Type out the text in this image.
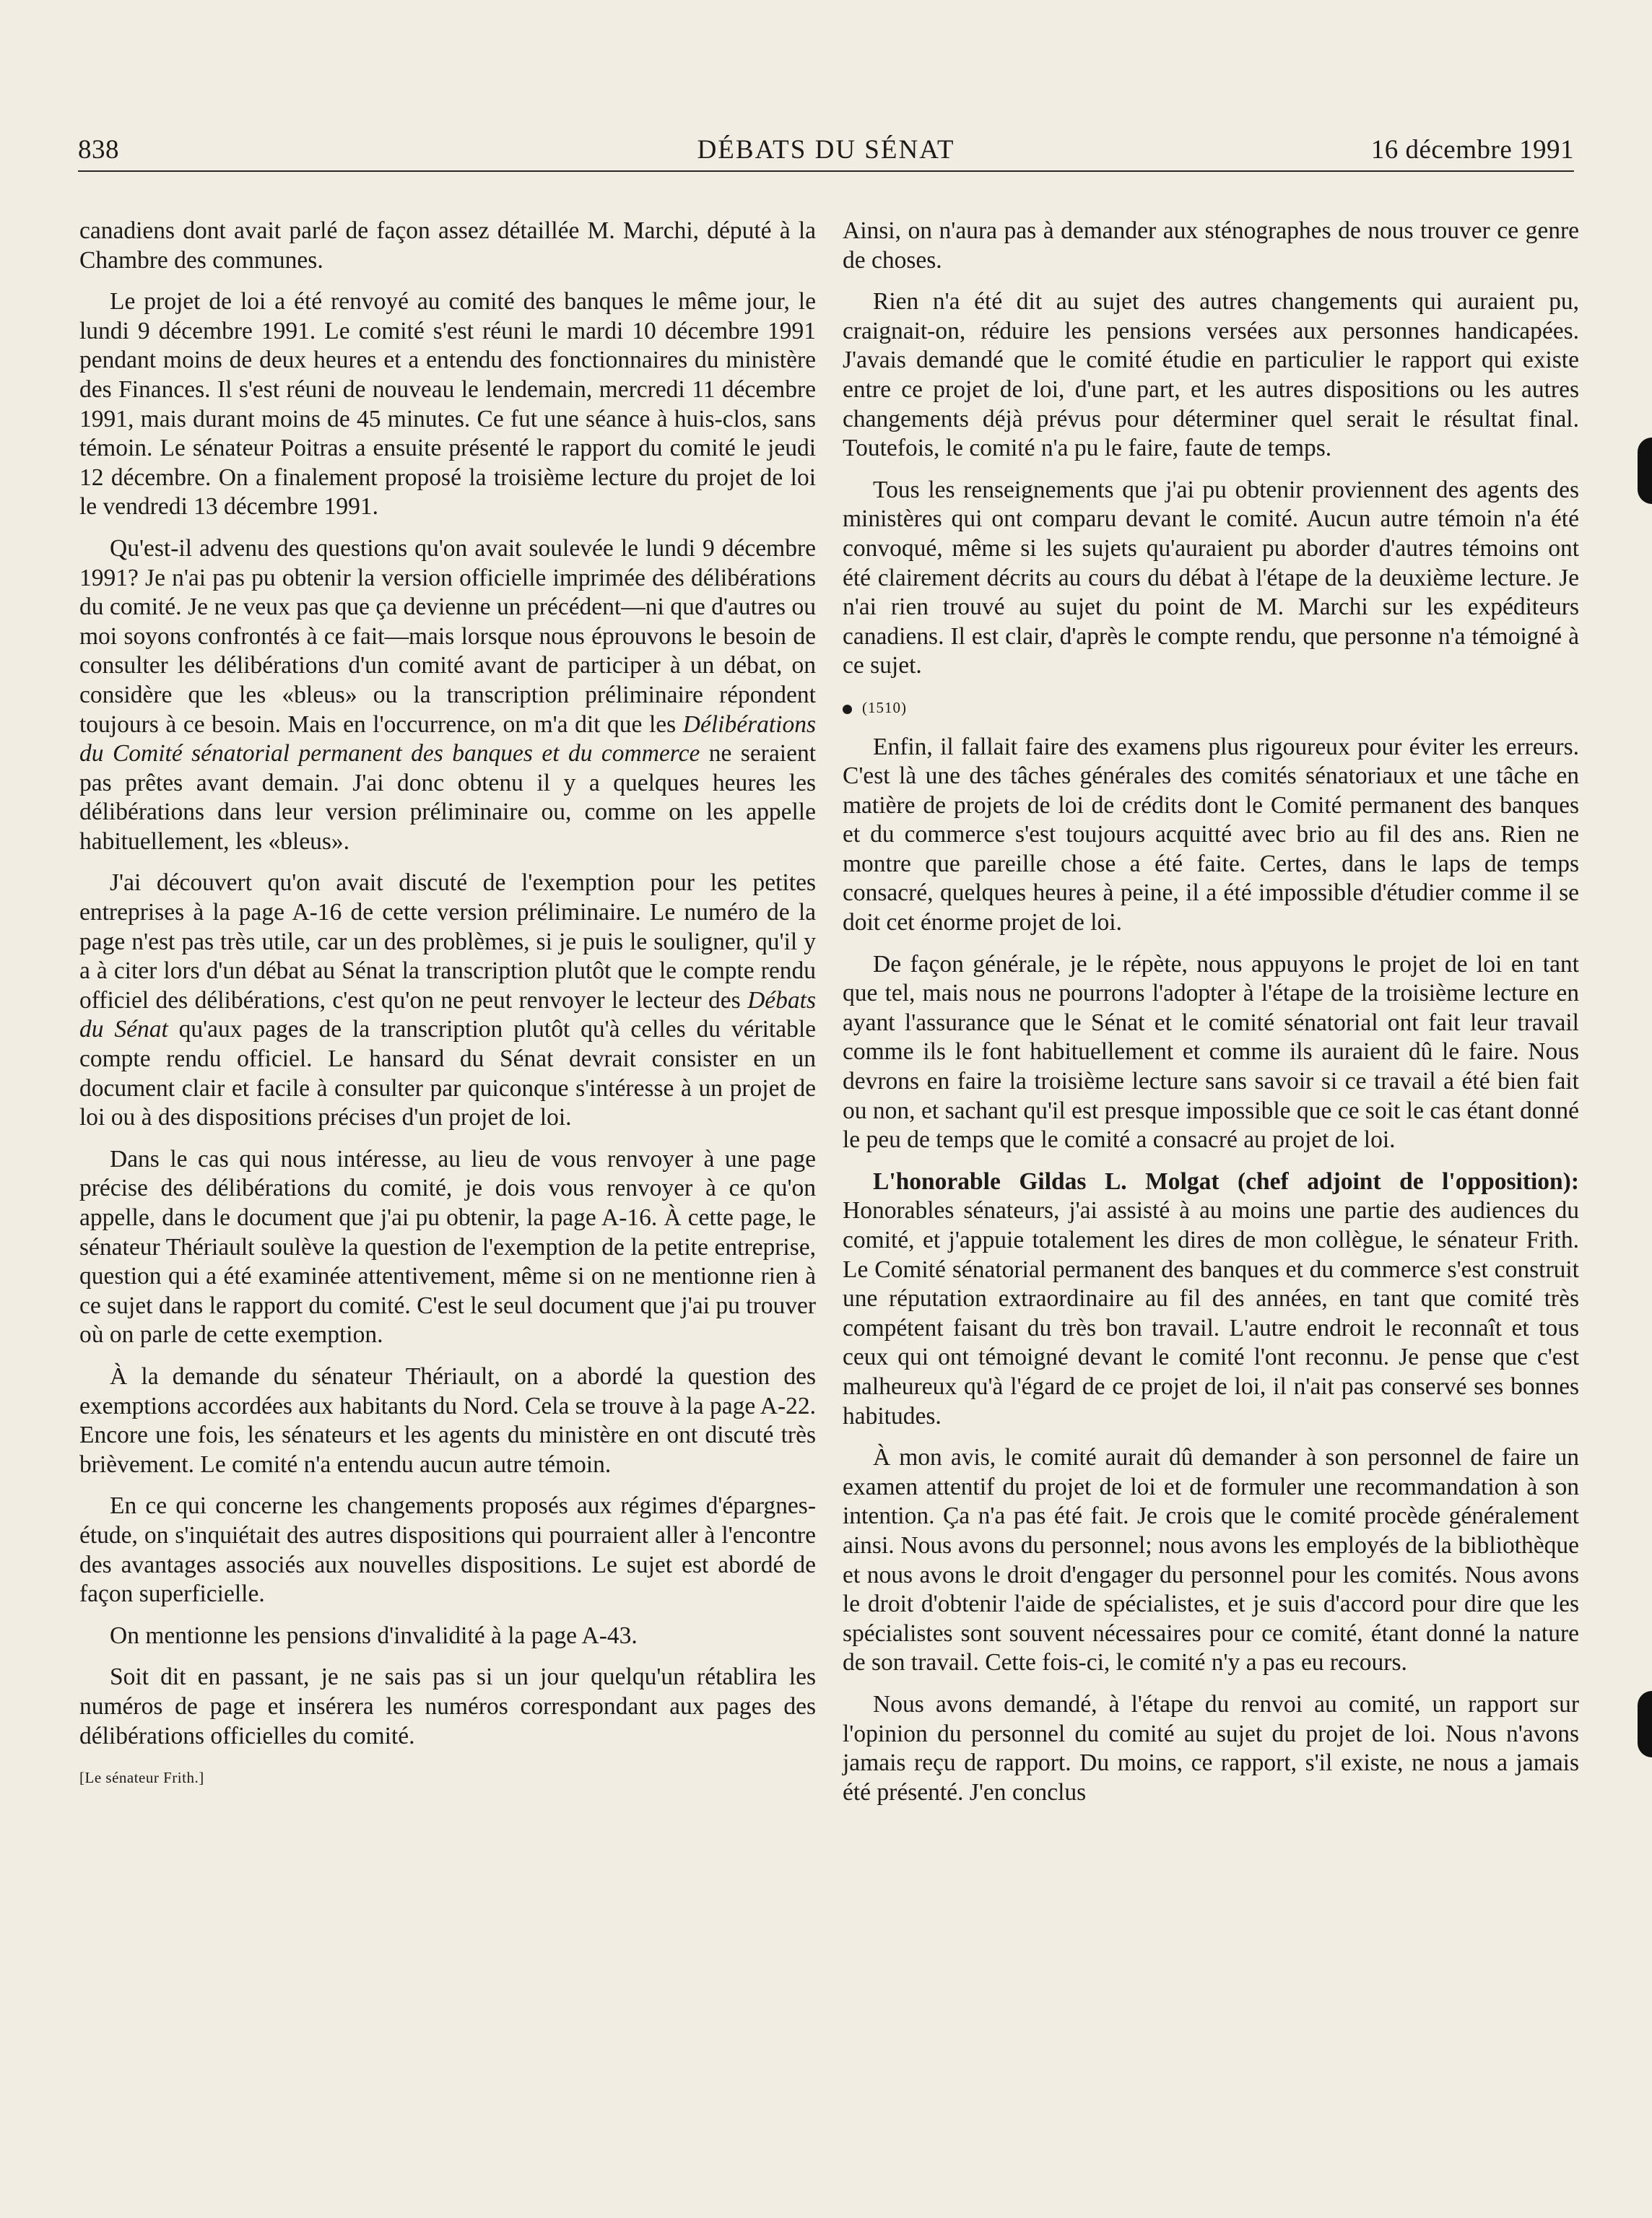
838	DÉBATS DU SÉNAT	16 décembre 1991

canadiens dont avait parlé de façon assez détaillée M. Marchi, député à la Chambre des communes.

Le projet de loi a été renvoyé au comité des banques le même jour, le lundi 9 décembre 1991. Le comité s'est réuni le mardi 10 décembre 1991 pendant moins de deux heures et a entendu des fonctionnaires du ministère des Finances. Il s'est réuni de nouveau le lendemain, mercredi 11 décembre 1991, mais durant moins de 45 minutes. Ce fut une séance à huis-clos, sans témoin. Le sénateur Poitras a ensuite présenté le rapport du comité le jeudi 12 décembre. On a finalement proposé la troisième lecture du projet de loi le vendredi 13 décembre 1991.

Qu'est-il advenu des questions qu'on avait soulevée le lundi 9 décembre 1991? Je n'ai pas pu obtenir la version officielle imprimée des délibérations du comité. Je ne veux pas que ça devienne un précédent—ni que d'autres ou moi soyons confrontés à ce fait—mais lorsque nous éprouvons le besoin de consulter les délibérations d'un comité avant de participer à un débat, on considère que les «bleus» ou la transcription préliminaire répondent toujours à ce besoin. Mais en l'occurrence, on m'a dit que les Délibérations du Comité sénatorial permanent des banques et du commerce ne seraient pas prêtes avant demain. J'ai donc obtenu il y a quelques heures les délibérations dans leur version préliminaire ou, comme on les appelle habituellement, les «bleus».

J'ai découvert qu'on avait discuté de l'exemption pour les petites entreprises à la page A-16 de cette version préliminaire. Le numéro de la page n'est pas très utile, car un des problèmes, si je puis le souligner, qu'il y a à citer lors d'un débat au Sénat la transcription plutôt que le compte rendu officiel des délibérations, c'est qu'on ne peut renvoyer le lecteur des Débats du Sénat qu'aux pages de la transcription plutôt qu'à celles du véritable compte rendu officiel. Le hansard du Sénat devrait consister en un document clair et facile à consulter par quiconque s'intéresse à un projet de loi ou à des dispositions précises d'un projet de loi.

Dans le cas qui nous intéresse, au lieu de vous renvoyer à une page précise des délibérations du comité, je dois vous renvoyer à ce qu'on appelle, dans le document que j'ai pu obtenir, la page A-16. À cette page, le sénateur Thériault soulève la question de l'exemption de la petite entreprise, question qui a été examinée attentivement, même si on ne mentionne rien à ce sujet dans le rapport du comité. C'est le seul document que j'ai pu trouver où on parle de cette exemption.

À la demande du sénateur Thériault, on a abordé la question des exemptions accordées aux habitants du Nord. Cela se trouve à la page A-22. Encore une fois, les sénateurs et les agents du ministère en ont discuté très brièvement. Le comité n'a entendu aucun autre témoin.

En ce qui concerne les changements proposés aux régimes d'épargnes-étude, on s'inquiétait des autres dispositions qui pourraient aller à l'encontre des avantages associés aux nouvelles dispositions. Le sujet est abordé de façon superficielle.

On mentionne les pensions d'invalidité à la page A-43.

Soit dit en passant, je ne sais pas si un jour quelqu'un rétablira les numéros de page et insérera les numéros correspondant aux pages des délibérations officielles du comité.

[Le sénateur Frith.]

Ainsi, on n'aura pas à demander aux sténographes de nous trouver ce genre de choses.

Rien n'a été dit au sujet des autres changements qui auraient pu, craignait-on, réduire les pensions versées aux personnes handicapées. J'avais demandé que le comité étudie en particulier le rapport qui existe entre ce projet de loi, d'une part, et les autres dispositions ou les autres changements déjà prévus pour déterminer quel serait le résultat final. Toutefois, le comité n'a pu le faire, faute de temps.

Tous les renseignements que j'ai pu obtenir proviennent des agents des ministères qui ont comparu devant le comité. Aucun autre témoin n'a été convoqué, même si les sujets qu'auraient pu aborder d'autres témoins ont été clairement décrits au cours du débat à l'étape de la deuxième lecture. Je n'ai rien trouvé au sujet du point de M. Marchi sur les expéditeurs canadiens. Il est clair, d'après le compte rendu, que personne n'a témoigné à ce sujet.

(1510)

Enfin, il fallait faire des examens plus rigoureux pour éviter les erreurs. C'est là une des tâches générales des comités sénatoriaux et une tâche en matière de projets de loi de crédits dont le Comité permanent des banques et du commerce s'est toujours acquitté avec brio au fil des ans. Rien ne montre que pareille chose a été faite. Certes, dans le laps de temps consacré, quelques heures à peine, il a été impossible d'étudier comme il se doit cet énorme projet de loi.

De façon générale, je le répète, nous appuyons le projet de loi en tant que tel, mais nous ne pourrons l'adopter à l'étape de la troisième lecture en ayant l'assurance que le Sénat et le comité sénatorial ont fait leur travail comme ils le font habituellement et comme ils auraient dû le faire. Nous devrons en faire la troisième lecture sans savoir si ce travail a été bien fait ou non, et sachant qu'il est presque impossible que ce soit le cas étant donné le peu de temps que le comité a consacré au projet de loi.

L'honorable Gildas L. Molgat (chef adjoint de l'opposition): Honorables sénateurs, j'ai assisté à au moins une partie des audiences du comité, et j'appuie totalement les dires de mon collègue, le sénateur Frith. Le Comité sénatorial permanent des banques et du commerce s'est construit une réputation extraordinaire au fil des années, en tant que comité très compétent faisant du très bon travail. L'autre endroit le reconnaît et tous ceux qui ont témoigné devant le comité l'ont reconnu. Je pense que c'est malheureux qu'à l'égard de ce projet de loi, il n'ait pas conservé ses bonnes habitudes.

À mon avis, le comité aurait dû demander à son personnel de faire un examen attentif du projet de loi et de formuler une recommandation à son intention. Ça n'a pas été fait. Je crois que le comité procède généralement ainsi. Nous avons du personnel; nous avons les employés de la bibliothèque et nous avons le droit d'engager du personnel pour les comités. Nous avons le droit d'obtenir l'aide de spécialistes, et je suis d'accord pour dire que les spécialistes sont souvent nécessaires pour ce comité, étant donné la nature de son travail. Cette fois-ci, le comité n'y a pas eu recours.

Nous avons demandé, à l'étape du renvoi au comité, un rapport sur l'opinion du personnel du comité au sujet du projet de loi. Nous n'avons jamais reçu de rapport. Du moins, ce rapport, s'il existe, ne nous a jamais été présenté. J'en conclus
